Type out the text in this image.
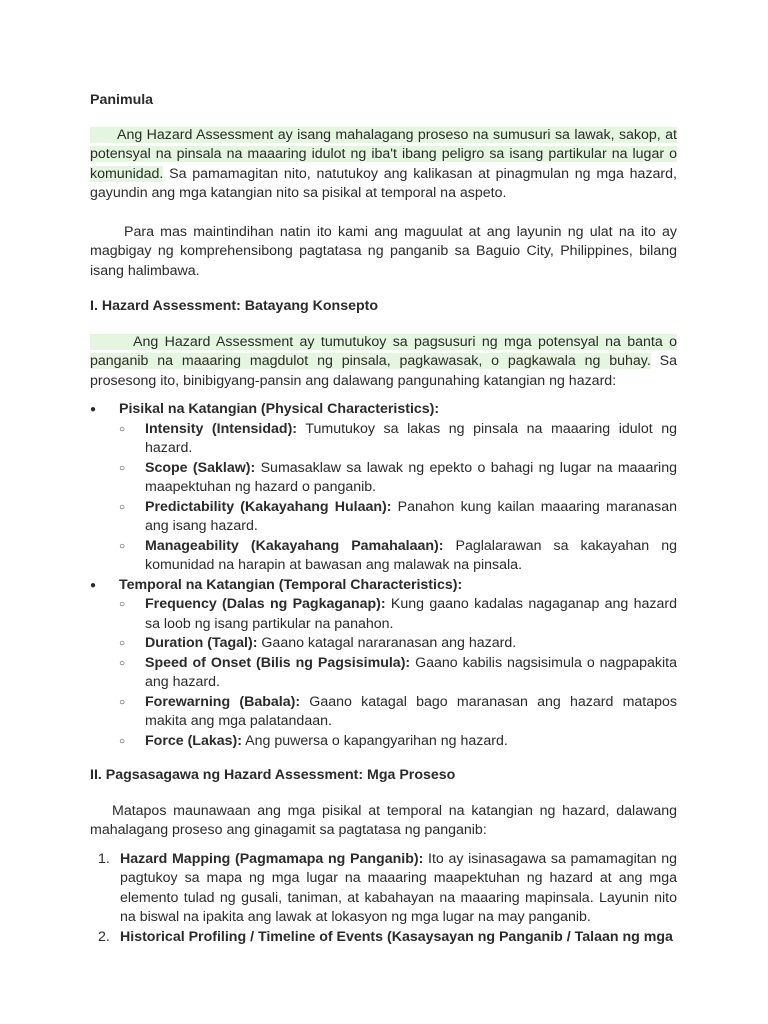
Panimula

Ang Hazard Assessment ay isang mahalagang proseso na sumusuri sa lawak, sakop, at potensyal na pinsala na maaaring idulot ng iba't ibang peligro sa isang partikular na lugar o komunidad. Sa pamamagitan nito, natutukoy ang kalikasan at pinagmulan ng mga hazard, gayundin ang mga katangian nito sa pisikal at temporal na aspeto.

Para mas maintindihan natin ito kami ang maguulat at ang layunin ng ulat na ito ay magbigay ng komprehensibong pagtatasa ng panganib sa Baguio City, Philippines, bilang isang halimbawa.

I. Hazard Assessment: Batayang Konsepto

Ang Hazard Assessment ay tumutukoy sa pagsusuri ng mga potensyal na banta o panganib na maaaring magdulot ng pinsala, pagkawasak, o pagkawala ng buhay. Sa prosesong ito, binibigyang-pansin ang dalawang pangunahing katangian ng hazard:

● Pisikal na Katangian (Physical Characteristics):
○ Intensity (Intensidad): Tumutukoy sa lakas ng pinsala na maaaring idulot ng hazard.
○ Scope (Saklaw): Sumasaklaw sa lawak ng epekto o bahagi ng lugar na maaaring maapektuhan ng hazard o panganib.
○ Predictability (Kakayahang Hulaan): Panahon kung kailan maaaring maranasan ang isang hazard.
○ Manageability (Kakayahang Pamahalaan): Paglalarawan sa kakayahan ng komunidad na harapin at bawasan ang malawak na pinsala.
● Temporal na Katangian (Temporal Characteristics):
○ Frequency (Dalas ng Pagkaganap): Kung gaano kadalas nagaganap ang hazard sa loob ng isang partikular na panahon.
○ Duration (Tagal): Gaano katagal nararanasan ang hazard.
○ Speed of Onset (Bilis ng Pagsisimula): Gaano kabilis nagsisimula o nagpapakita ang hazard.
○ Forewarning (Babala): Gaano katagal bago maranasan ang hazard matapos makita ang mga palatandaan.
○ Force (Lakas): Ang puwersa o kapangyarihan ng hazard.
II. Pagsasagawa ng Hazard Assessment: Mga Proseso

Matapos maunawaan ang mga pisikal at temporal na katangian ng hazard, dalawang mahalagang proseso ang ginagamit sa pagtatasa ng panganib:

1. Hazard Mapping (Pagmamapa ng Panganib): Ito ay isinasagawa sa pamamagitan ng pagtukoy sa mapa ng mga lugar na maaaring maapektuhan ng hazard at ang mga elemento tulad ng gusali, taniman, at kabahayan na maaaring mapinsala. Layunin nito na biswal na ipakita ang lawak at lokasyon ng mga lugar na may panganib.
2. Historical Profiling / Timeline of Events (Kasaysayan ng Panganib / Talaan ng mga
